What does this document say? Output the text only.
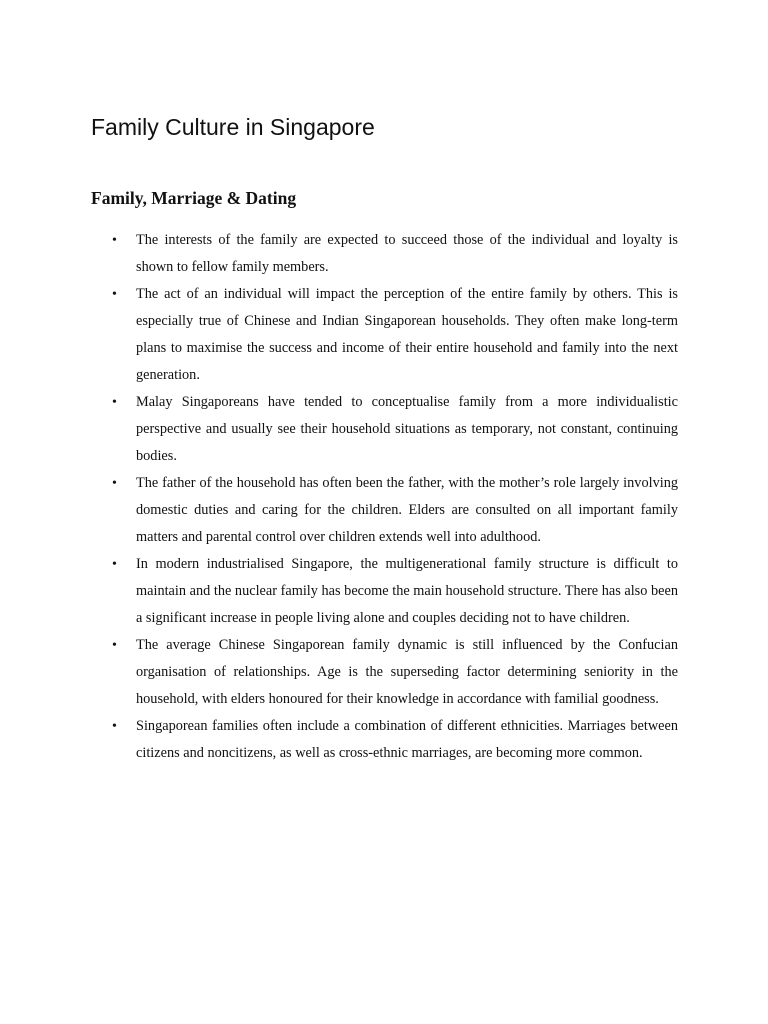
Family Culture in Singapore
Family, Marriage & Dating
•	The interests of the family are expected to succeed those of the individual and loyalty is shown to fellow family members.
•	The act of an individual will impact the perception of the entire family by others. This is especially true of Chinese and Indian Singaporean households. They often make long-term plans to maximise the success and income of their entire household and family into the next generation.
•	Malay Singaporeans have tended to conceptualise family from a more individualistic perspective and usually see their household situations as temporary, not constant, continuing bodies.
•	The father of the household has often been the father, with the mother’s role largely involving domestic duties and caring for the children. Elders are consulted on all important family matters and parental control over children extends well into adulthood.
•	In modern industrialised Singapore, the multigenerational family structure is difficult to maintain and the nuclear family has become the main household structure. There has also been a significant increase in people living alone and couples deciding not to have children.
•	The average Chinese Singaporean family dynamic is still influenced by the Confucian organisation of relationships. Age is the superseding factor determining seniority in the household, with elders honoured for their knowledge in accordance with familial goodness.
•	Singaporean families often include a combination of different ethnicities. Marriages between citizens and noncitizens, as well as cross-ethnic marriages, are becoming more common.
